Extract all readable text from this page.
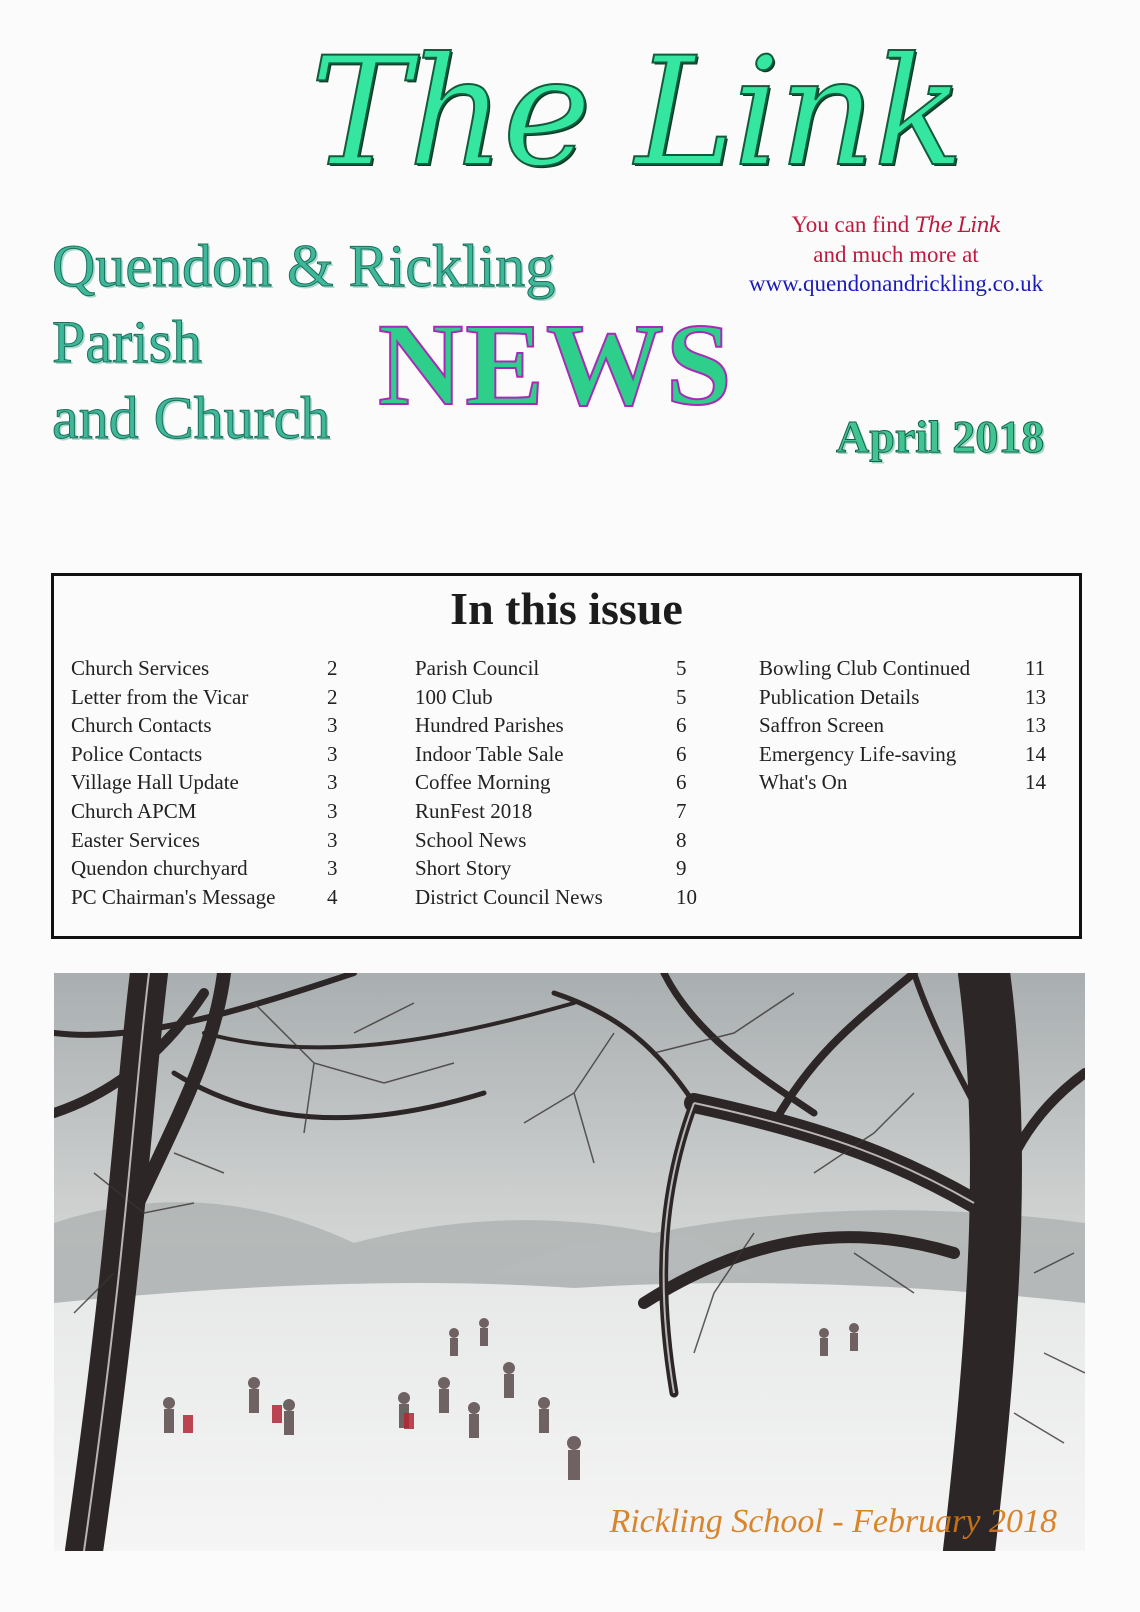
The Link
You can find The Link
and much more at
www.quendonandrickling.co.uk
Quendon & Rickling
Parish
and Church NEWS
April 2018
In this issue
Church Services	2
Letter from the Vicar	2
Church Contacts	3
Police Contacts	3
Village Hall Update	3
Church APCM	3
Easter Services	3
Quendon churchyard	3
PC Chairman's Message 4
Parish Council	5
100 Club	5
Hundred Parishes	6
Indoor Table Sale	6
Coffee Morning	6
RunFest 2018	7
School News	8
Short Story	9
District Council News	10
Bowling Club Continued	11
Publication Details	13
Saffron Screen	13
Emergency Life-saving	14
What's On	14
Rickling School - February 2018
